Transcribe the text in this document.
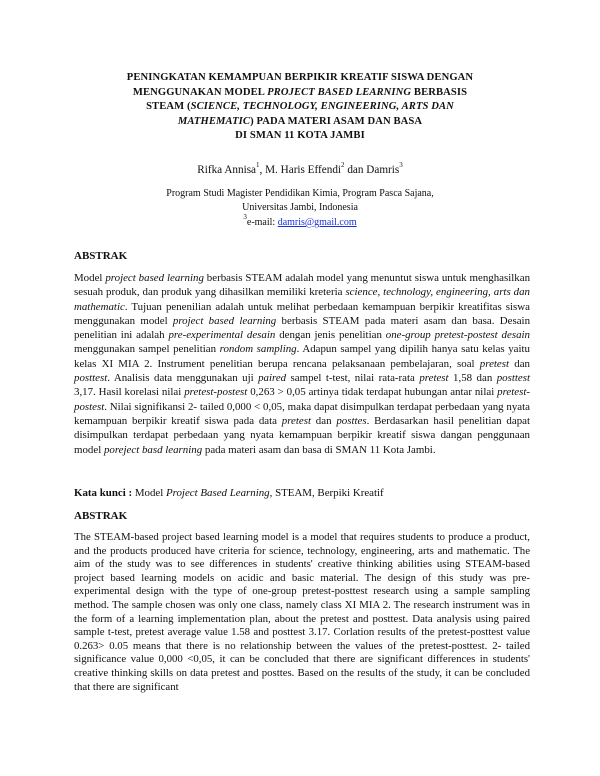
PENINGKATAN KEMAMPUAN BERPIKIR KREATIF SISWA DENGAN
MENGGUNAKAN MODEL PROJECT BASED LEARNING BERBASIS
STEAM (SCIENCE, TECHNOLOGY, ENGINEERING, ARTS DAN
MATHEMATIC) PADA MATERI ASAM DAN BASA
DI SMAN 11 KOTA JAMBI
Rifka Annisa$^1$, M. Haris Effendi$^2$ dan Damris$^3$
Program Studi Magister Pendidikan Kimia, Program Pasca Sajana,
Universitas Jambi, Indonesia
$^3$e-mail: damris@gmail.com
ABSTRAK

Model project based learning berbasis STEAM adalah model yang menuntut siswa untuk menghasilkan sesuah produk, dan produk yang dihasilkan memiliki kreteria science, technology, engineering, arts dan mathematic. Tujuan penenilian adalah untuk melihat perbedaan kemampuan berpikir kreatifitas siswa menggunakan model project based learning berbasis STEAM pada materi asam dan basa. Desain penelitian ini adalah pre-experimental desain dengan jenis penelitian one-group pretest-postest desain menggunakan sampel penelitian rondom sampling. Adapun sampel yang dipilih hanya satu kelas yaitu kelas XI MIA 2. Instrument penelitian berupa rencana pelaksanaan pembelajaran, soal pretest dan posttest. Analisis data menggunakan uji paired sampel t-test, nilai rata-rata pretest 1,58 dan posttest 3,17. Hasil korelasi nilai pretest-postest 0,263 > 0,05 artinya tidak terdapat hubungan antar nilai pretest-postest. Nilai signifikansi 2- tailed 0,000 < 0,05, maka dapat disimpulkan terdapat perbedaan yang nyata kemampuan berpikir kreatif siswa pada data pretest dan posttes. Berdasarkan hasil penelitian dapat disimpulkan terdapat perbedaan yang nyata kemampuan berpikir kreatif siswa dangan penggunaan model poreject basd learning pada materi asam dan basa di SMAN 11 Kota Jambi.

Kata kunci : Model Project Based Learning, STEAM, Berpiki Kreatif
ABSTRAK

The STEAM-based project based learning model is a model that requires students to produce a product, and the products produced have criteria for science, technology, engineering, arts and mathematic. The aim of the study was to see differences in students' creative thinking abilities using STEAM-based project based learning models on acidic and basic material. The design of this study was pre-experimental design with the type of one-group pretest-posttest research using a sample sampling method. The sample chosen was only one class, namely class XI MIA 2. The research instrument was in the form of a learning implementation plan, about the pretest and posttest. Data analysis using paired sample t-test, pretest average value 1.58 and posttest 3.17. Corlation results of the pretest-posttest value 0.263> 0.05 means that there is no relationship between the values of the pretest-posttest. 2- tailed significance value 0,000 <0,05, it can be concluded that there are significant differences in students' creative thinking skills on data pretest and posttes. Based on the results of the study, it can be concluded that there are significant
